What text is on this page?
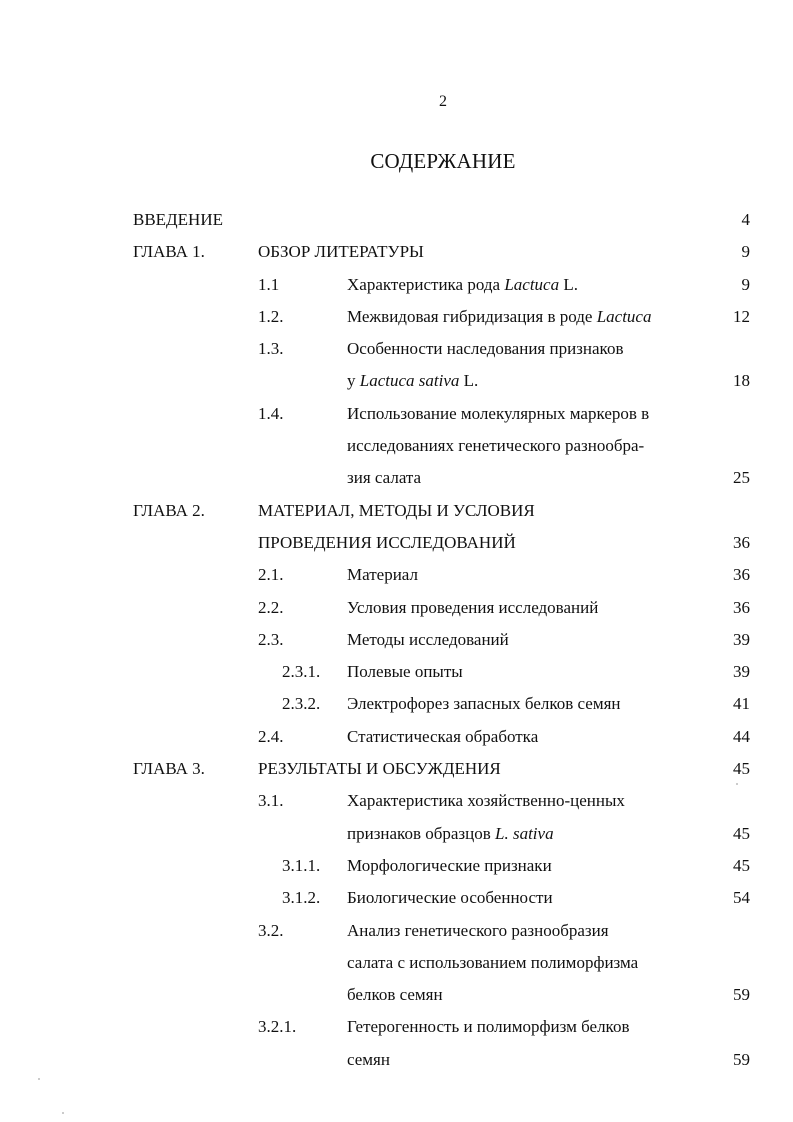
2
СОДЕРЖАНИЕ
ВВЕДЕНИЕ	4
ГЛАВА 1.	ОБЗОР ЛИТЕРАТУРЫ	9
1.1	Характеристика рода Lactuca L.	9
1.2.	Межвидовая гибридизация в роде Lactuca	12
1.3.	Особенности наследования признаков
у Lactuca sativa L.	18
1.4.	Использование молекулярных маркеров в
исследованиях генетического разнообра-
зия салата	25
ГЛАВА 2.	МАТЕРИАЛ, МЕТОДЫ И УСЛОВИЯ
ПРОВЕДЕНИЯ ИССЛЕДОВАНИЙ	36
2.1.	Материал	36
2.2.	Условия проведения исследований	36
2.3.	Методы исследований	39
2.3.1. Полевые опыты	39
2.3.2. Электрофорез запасных белков семян	41
2.4.	Статистическая обработка	44
ГЛАВА 3.	РЕЗУЛЬТАТЫ И ОБСУЖДЕНИЯ	45
3.1.	Характеристика хозяйственно-ценных
признаков образцов L. sativa	45
3.1.1. Морфологические признаки	45
3.1.2. Биологические особенности	54
3.2.	Анализ генетического разнообразия
салата с использованием полиморфизма
белков семян	59
3.2.1.	Гетерогенность и полиморфизм белков
семян	59
